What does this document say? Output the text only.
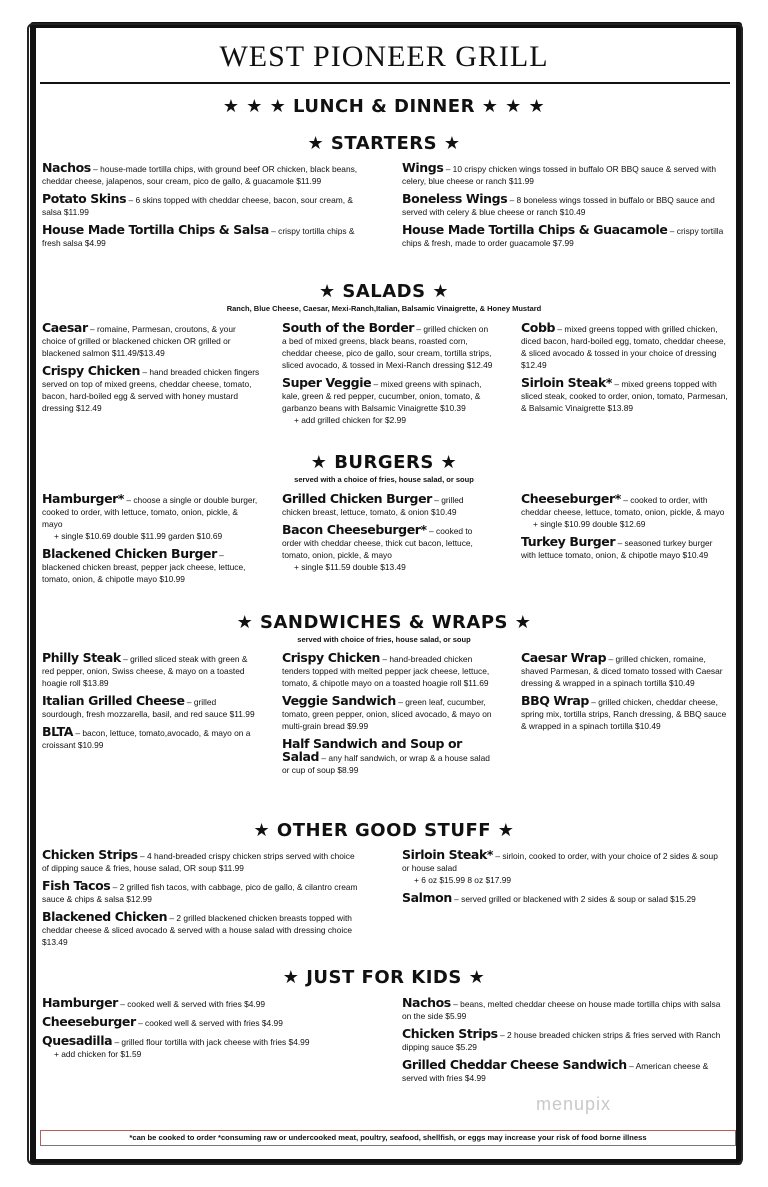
WEST PIONEER GRILL
★ ★ ★ LUNCH & DINNER ★ ★ ★
★ STARTERS ★
Nachos – house-made tortilla chips, with ground beef OR chicken, black beans, cheddar cheese, jalapenos, sour cream, pico de gallo, & guacamole $11.99
Potato Skins – 6 skins topped with cheddar cheese, bacon, sour cream, & salsa $11.99
House Made Tortilla Chips & Salsa – crispy tortilla chips & fresh salsa $4.99
Wings – 10 crispy chicken wings tossed in buffalo OR BBQ sauce & served with celery, blue cheese or ranch $11.99
Boneless Wings – 8 boneless wings tossed in buffalo or BBQ sauce and served with celery & blue cheese or ranch $10.49
House Made Tortilla Chips & Guacamole – crispy tortilla chips & fresh, made to order guacamole $7.99
★ SALADS ★
Ranch, Blue Cheese, Caesar, Mexi-Ranch,Italian, Balsamic Vinaigrette, & Honey Mustard
Caesar – romaine, Parmesan, croutons, & your choice of grilled or blackened chicken OR grilled or blackened salmon $11.49/$13.49
Crispy Chicken – hand breaded chicken fingers served on top of mixed greens, cheddar cheese, tomato, bacon, hard-boiled egg & served with honey mustard dressing $12.49
South of the Border – grilled chicken on a bed of mixed greens, black beans, roasted corn, cheddar cheese, pico de gallo, sour cream, tortilla strips, sliced avocado, & tossed in Mexi-Ranch dressing $12.49
Super Veggie – mixed greens with spinach, kale, green & red pepper, cucumber, onion, tomato, & garbanzo beans with Balsamic Vinaigrette $10.39
+ add grilled chicken for $2.99
Cobb – mixed greens topped with grilled chicken, diced bacon, hard-boiled egg, tomato, cheddar cheese, & sliced avocado & tossed in your choice of dressing $12.49
Sirloin Steak* – mixed greens topped with sliced steak, cooked to order, onion, tomato, Parmesan, & Balsamic Vinaigrette $13.89
★ BURGERS ★
served with a choice of fries, house salad, or soup
Hamburger* – choose a single or double burger, cooked to order, with lettuce, tomato, onion, pickle, & mayo
+ single $10.69 double $11.99 garden $10.69
Blackened Chicken Burger – blackened chicken breast, pepper jack cheese, lettuce, tomato, onion, & chipotle mayo $10.99
Grilled Chicken Burger – grilled chicken breast, lettuce, tomato, & onion $10.49
Bacon Cheeseburger* – cooked to order with cheddar cheese, thick cut bacon, lettuce, tomato, onion, pickle, & mayo
+ single $11.59 double $13.49
Cheeseburger* – cooked to order, with cheddar cheese, lettuce, tomato, onion, pickle, & mayo
+ single $10.99 double $12.69
Turkey Burger – seasoned turkey burger with lettuce tomato, onion, & chipotle mayo $10.49
★ SANDWICHES & WRAPS ★
served with choice of fries, house salad, or soup
Philly Steak – grilled sliced steak with green & red pepper, onion, Swiss cheese, & mayo on a toasted hoagie roll $13.89
Italian Grilled Cheese – grilled sourdough, fresh mozzarella, basil, and red sauce $11.99
BLTA – bacon, lettuce, tomato,avocado, & mayo on a croissant $10.99
Crispy Chicken – hand-breaded chicken tenders topped with melted pepper jack cheese, lettuce, tomato, & chipotle mayo on a toasted hoagie roll $11.69
Veggie Sandwich – green leaf, cucumber, tomato, green pepper, onion, sliced avocado, & mayo on multi-grain bread $9.99
Half Sandwich and Soup or Salad – any half sandwich, or wrap & a house salad or cup of soup $8.99
Caesar Wrap – grilled chicken, romaine, shaved Parmesan, & diced tomato tossed with Caesar dressing & wrapped in a spinach tortilla $10.49
BBQ Wrap – grilled chicken, cheddar cheese, spring mix, tortilla strips, Ranch dressing, & BBQ sauce & wrapped in a spinach tortilla $10.49
★ OTHER GOOD STUFF ★
Chicken Strips – 4 hand-breaded crispy chicken strips served with choice of dipping sauce & fries, house salad, OR soup $11.99
Fish Tacos – 2 grilled fish tacos, with cabbage, pico de gallo, & cilantro cream sauce & chips & salsa $12.99
Blackened Chicken – 2 grilled blackened chicken breasts topped with cheddar cheese & sliced avocado & served with a house salad with dressing choice $13.49
Sirloin Steak* – sirloin, cooked to order, with your choice of 2 sides & soup or house salad
+ 6 oz $15.99 8 oz $17.99
Salmon – served grilled or blackened with 2 sides & soup or salad $15.29
★ JUST FOR KIDS ★
Hamburger – cooked well & served with fries $4.99
Cheeseburger – cooked well & served with fries $4.99
Quesadilla – grilled flour tortilla with jack cheese with fries $4.99
+ add chicken for $1.59
Nachos – beans, melted cheddar cheese on house made tortilla chips with salsa on the side $5.99
Chicken Strips – 2 house breaded chicken strips & fries served with Ranch dipping sauce $5.29
Grilled Cheddar Cheese Sandwich – American cheese & served with fries $4.99
menupix
*can be cooked to order *consuming raw or undercooked meat, poultry, seafood, shellfish, or eggs may increase your risk of food borne illness
